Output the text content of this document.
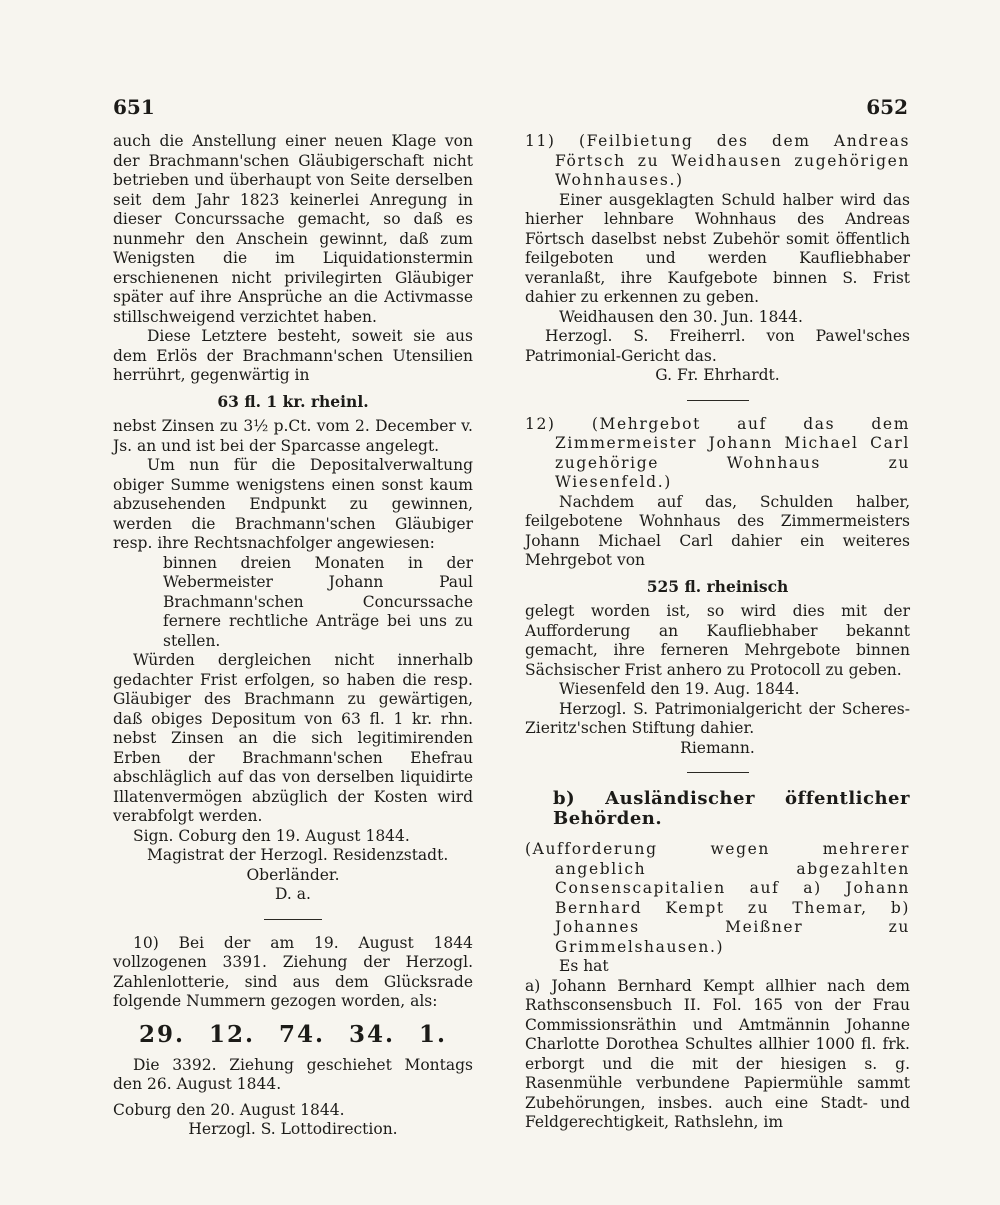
651	652

auch die Anstellung einer neuen Klage von der Brachmann'schen Gläubigerschaft nicht betrieben und überhaupt von Seite derselben seit dem Jahr 1823 keinerlei Anregung in dieser Concurssache gemacht, so daß es nunmehr den Anschein gewinnt, daß zum Wenigsten die im Liquidationstermin erschienenen nicht privilegirten Gläubiger später auf ihre Ansprüche an die Activmasse stillschweigend verzichtet haben.

Diese Letztere besteht, soweit sie aus dem Erlös der Brachmann'schen Utensilien herrührt, gegenwärtig in

63 fl. 1 kr. rheinl.

nebst Zinsen zu 3½ p.Ct. vom 2. December v. Js. an und ist bei der Sparcasse angelegt.

Um nun für die Depositalverwaltung obiger Summe wenigstens einen sonst kaum abzusehenden Endpunkt zu gewinnen, werden die Brachmann'schen Gläubiger resp. ihre Rechtsnachfolger angewiesen:

binnen dreien Monaten in der Webermeister Johann Paul Brachmann'schen Concurssache fernere rechtliche Anträge bei uns zu stellen.

Würden dergleichen nicht innerhalb gedachter Frist erfolgen, so haben die resp. Gläubiger des Brachmann zu gewärtigen, daß obiges Depositum von 63 fl. 1 kr. rhn. nebst Zinsen an die sich legitimirenden Erben der Brachmann'schen Ehefrau abschläglich auf das von derselben liquidirte Illatenvermögen abzüglich der Kosten wird verabfolgt werden.

Sign. Coburg den 19. August 1844.

Magistrat der Herzogl. Residenzstadt.

Oberländer.

D. a.

10) Bei der am 19. August 1844 vollzogenen 3391. Ziehung der Herzogl. Zahlenlotterie, sind aus dem Glücksrade folgende Nummern gezogen worden, als:

29. 12. 74. 34. 1.

Die 3392. Ziehung geschiehet Montags den 26. August 1844.

Coburg den 20. August 1844.

Herzogl. S. Lottodirection.

11) (Feilbietung des dem Andreas Förtsch zu Weidhausen zugehörigen Wohnhauses.)

Einer ausgeklagten Schuld halber wird das hierher lehnbare Wohnhaus des Andreas Förtsch daselbst nebst Zubehör somit öffentlich feilgeboten und werden Kaufliebhaber veranlaßt, ihre Kaufgebote binnen S. Frist dahier zu erkennen zu geben.

Weidhausen den 30. Jun. 1844.

Herzogl. S. Freiherrl. von Pawel'sches Patrimonial-Gericht das.

G. Fr. Ehrhardt.

12) (Mehrgebot auf das dem Zimmermeister Johann Michael Carl zugehörige Wohnhaus zu Wiesenfeld.)

Nachdem auf das, Schulden halber, feilgebotene Wohnhaus des Zimmermeisters Johann Michael Carl dahier ein weiteres Mehrgebot von

525 fl. rheinisch

gelegt worden ist, so wird dies mit der Aufforderung an Kaufliebhaber bekannt gemacht, ihre ferneren Mehrgebote binnen Sächsischer Frist anhero zu Protocoll zu geben.

Wiesenfeld den 19. Aug. 1844.

Herzogl. S. Patrimonialgericht der Scheres-Zieritz'schen Stiftung dahier.

Riemann.

b) Ausländischer öffentlicher Behörden.

(Aufforderung wegen mehrerer angeblich abgezahlten Consenscapitalien auf a) Johann Bernhard Kempt zu Themar, b) Johannes Meißner zu Grimmelshausen.)

Es hat

a) Johann Bernhard Kempt allhier nach dem Rathsconsensbuch II. Fol. 165 von der Frau Commissionsräthin und Amtmännin Johanne Charlotte Dorothea Schultes allhier 1000 fl. frk. erborgt und die mit der hiesigen s. g. Rasenmühle verbundene Papiermühle sammt Zubehörungen, insbes. auch eine Stadt- und Feldgerechtigkeit, Rathslehn, im
